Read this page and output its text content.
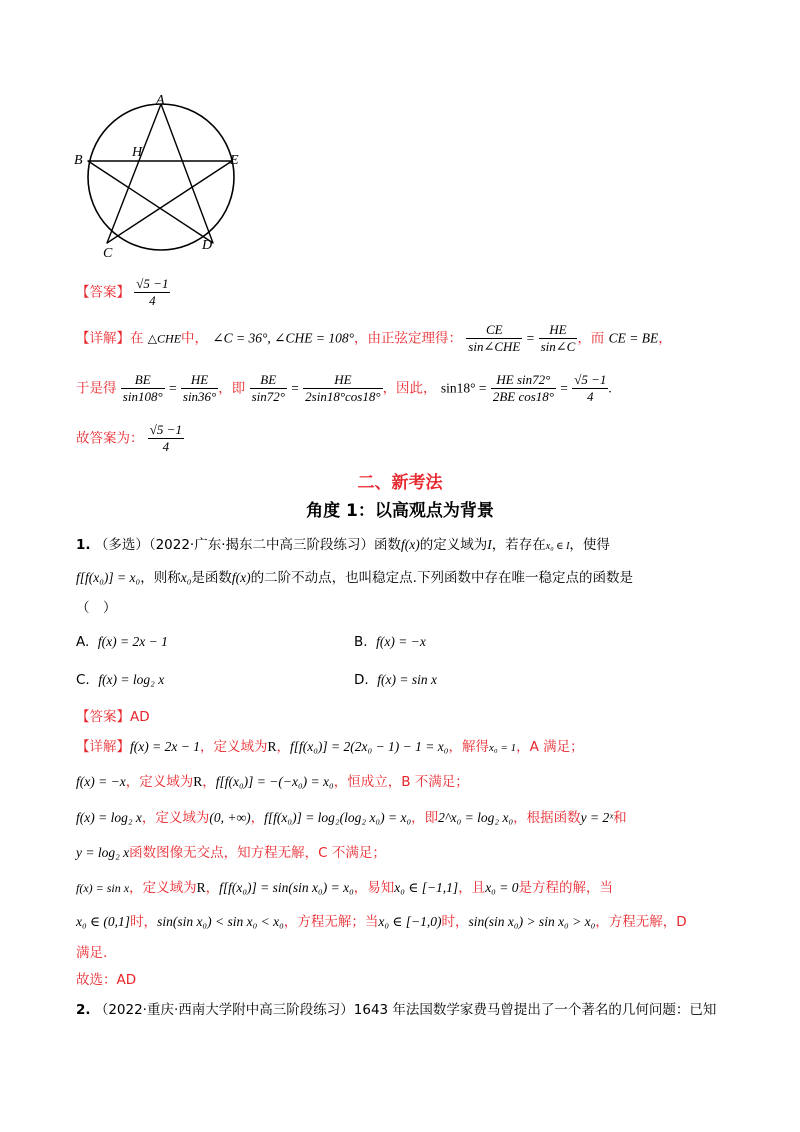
A
B
H
E
C
D
【答案】 $\frac{√5 -1}{4}$
【详解】在 △CHE中， ∠C = 36°, ∠CHE = 108°，由正弦定理得： $\frac{CE}{\text{sin∠CHE}} = \frac{HE}{\sin\angle C}$ ，而 CE = BE，
于是得 $\frac{BE}{\sin 108^\circ} = \frac{HE}{\sin 36^\circ}$ ，即 $\frac{BE}{\sin 72^\circ} = \frac{HE}{2\sin 18^\circ\cos 18^\circ}$ ，因此， $\sin 18^\circ = \frac{\text{HE sin72°}}{\text{2BE cos18°}} = \frac{√5 -1}{4}$ .
故答案为： $\frac{√5 -1}{4}$
二、新考法
角度 1：以高观点为背景
1. （多选）（2022·广东·揭东二中高三阶段练习）函数f(x)的定义域为I，若存在x₀ ∈ I，使得
f[f(x₀)] = x₀，则称x₀是函数f(x)的二阶不动点，也叫稳定点.下列函数中存在唯一稳定点的函数是
（　）
A. f(x) = 2x − 1	B. f(x) = −x
C. f(x) = log₂ x	D. f(x) = sin x
【答案】AD
【详解】f(x) = 2x − 1，定义域为R，f[f(x₀)] = 2(2x₀ − 1) − 1 = x₀，解得x₀ = 1，A 满足；
f(x) = −x，定义域为R，f[f(x₀)] = −(−x₀) = x₀，恒成立，B 不满足；
f(x) = log₂ x，定义域为(0, +∞)，f[f(x₀)] = log₂(log₂ x₀) = x₀，即2^x₀ = log₂ x₀，根据函数y = 2ˣ和
y = log₂ x函数图像无交点，知方程无解，C 不满足；
f(x) = sin x，定义域为R，f[f(x₀)] = sin(sin x₀) = x₀，易知x₀ ∈ [−1,1]，且x₀ = 0是方程的解，当
x₀ ∈ (0,1]时，sin(sin x₀) < sin x₀ < x₀，方程无解；当x₀ ∈ [−1,0)时，sin(sin x₀) > sin x₀ > x₀，方程无解，D
满足.
故选：AD
2. （2022·重庆·西南大学附中高三阶段练习）1643 年法国数学家费马曾提出了一个著名的几何问题：已知
